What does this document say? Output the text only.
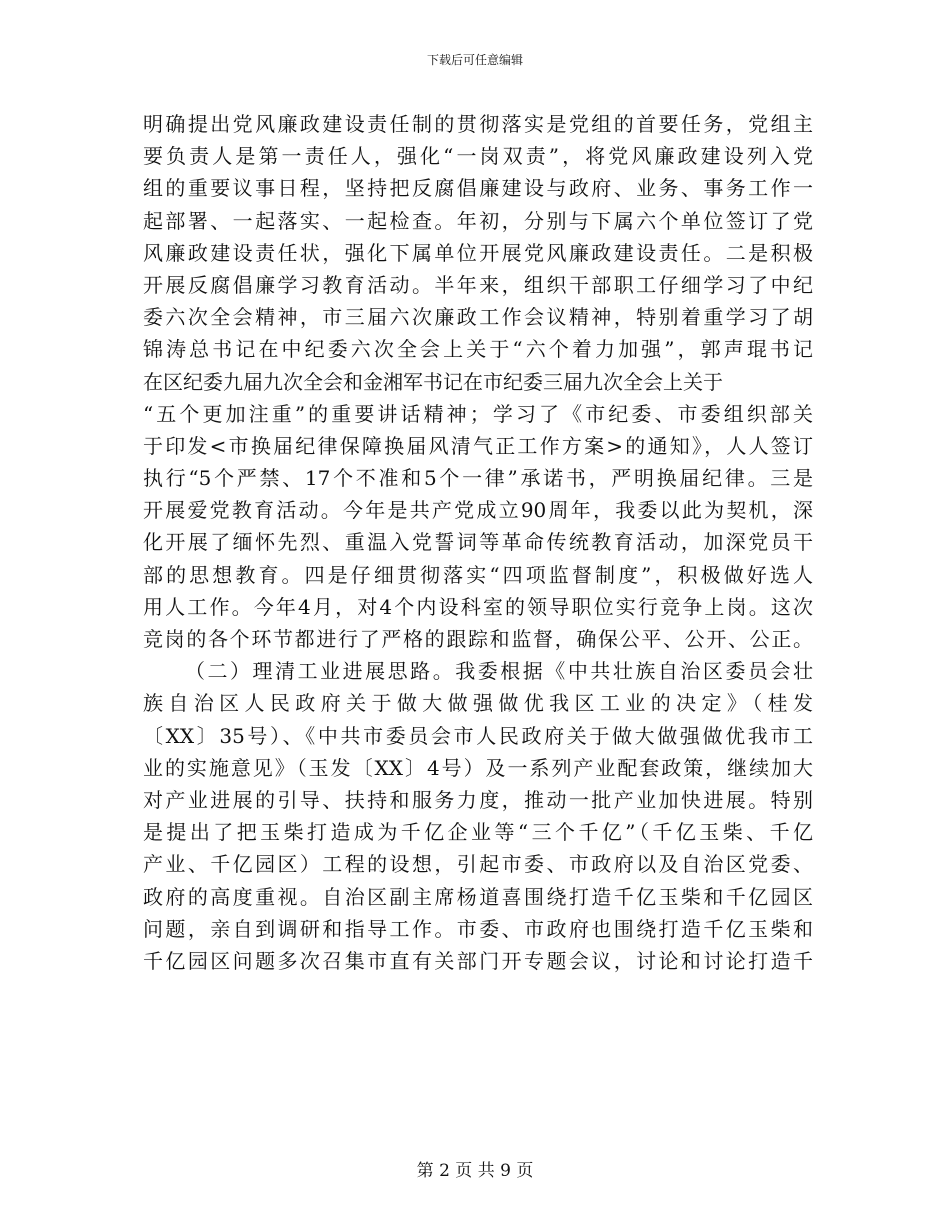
下载后可任意编辑
明确提出党风廉政建设责任制的贯彻落实是党组的首要任务，党组主
要负责人是第一责任人，强化“一岗双责”，将党风廉政建设列入党
组的重要议事日程，坚持把反腐倡廉建设与政府、业务、事务工作一
起部署、一起落实、一起检查。年初，分别与下属六个单位签订了党
风廉政建设责任状，强化下属单位开展党风廉政建设责任。二是积极
开展反腐倡廉学习教育活动。半年来，组织干部职工仔细学习了中纪
委六次全会精神，市三届六次廉政工作会议精神，特别着重学习了胡
锦涛总书记在中纪委六次全会上关于“六个着力加强”，郭声琨书记
在区纪委九届九次全会和金湘军书记在市纪委三届九次全会上关于
“五个更加注重”的重要讲话精神；学习了《市纪委、市委组织部关
于印发<市换届纪律保障换届风清气正工作方案>的通知》，人人签订
执行“5个严禁、17个不准和5个一律”承诺书，严明换届纪律。三是
开展爱党教育活动。今年是共产党成立90周年，我委以此为契机，深
化开展了缅怀先烈、重温入党誓词等革命传统教育活动，加深党员干
部的思想教育。四是仔细贯彻落实“四项监督制度”，积极做好选人
用人工作。今年4月，对4个内设科室的领导职位实行竞争上岗。这次
竞岗的各个环节都进行了严格的跟踪和监督，确保公平、公开、公正。
（二）理清工业进展思路。我委根据《中共壮族自治区委员会壮
族自治区人民政府关于做大做强做优我区工业的决定》（桂发
〔XX〕35号）、《中共市委员会市人民政府关于做大做强做优我市工
业的实施意见》（玉发〔XX〕4号）及一系列产业配套政策，继续加大
对产业进展的引导、扶持和服务力度，推动一批产业加快进展。特别
是提出了把玉柴打造成为千亿企业等“三个千亿”（千亿玉柴、千亿
产业、千亿园区）工程的设想，引起市委、市政府以及自治区党委、
政府的高度重视。自治区副主席杨道喜围绕打造千亿玉柴和千亿园区
问题，亲自到调研和指导工作。市委、市政府也围绕打造千亿玉柴和
千亿园区问题多次召集市直有关部门开专题会议，讨论和讨论打造千
第 2 页 共 9 页
